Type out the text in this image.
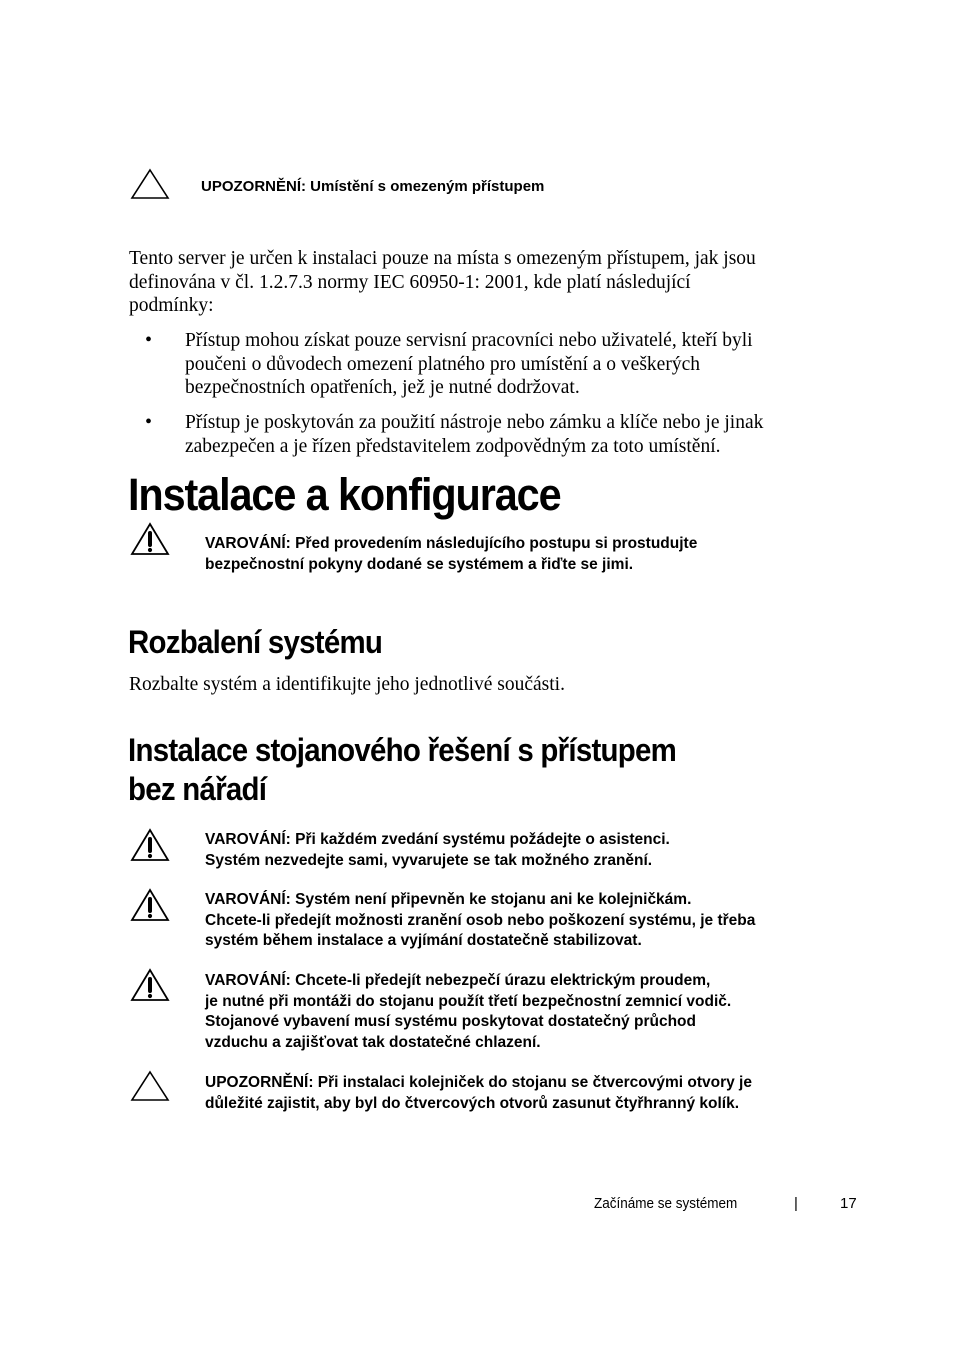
UPOZORNĚNÍ: Umístění s omezeným přístupem
Tento server je určen k instalaci pouze na místa s omezeným přístupem, jak jsou
definována v čl. 1.2.7.3 normy IEC 60950-1: 2001, kde platí následující
podmínky:
• Přístup mohou získat pouze servisní pracovníci nebo uživatelé, kteří byli
poučeni o důvodech omezení platného pro umístění a o veškerých
bezpečnostních opatřeních, jež je nutné dodržovat.
• Přístup je poskytován za použití nástroje nebo zámku a klíče nebo je jinak
zabezpečen a je řízen představitelem zodpovědným za toto umístění.
Instalace a konfigurace
VAROVÁNÍ: Před provedením následujícího postupu si prostudujte
bezpečnostní pokyny dodané se systémem a řiďte se jimi.
Rozbalení systému
Rozbalte systém a identifikujte jeho jednotlivé součásti.
Instalace stojanového řešení s přístupem
bez nářadí
VAROVÁNÍ: Při každém zvedání systému požádejte o asistenci.
Systém nezvedejte sami, vyvarujete se tak možného zranění.
VAROVÁNÍ: Systém není připevněn ke stojanu ani ke kolejničkám.
Chcete-li předejít možnosti zranění osob nebo poškození systému, je třeba
systém během instalace a vyjímání dostatečně stabilizovat.
VAROVÁNÍ: Chcete-li předejít nebezpečí úrazu elektrickým proudem,
je nutné při montáži do stojanu použít třetí bezpečnostní zemnicí vodič.
Stojanové vybavení musí systému poskytovat dostatečný průchod
vzduchu a zajišťovat tak dostatečné chlazení.
UPOZORNĚNÍ: Při instalaci kolejniček do stojanu se čtvercovými otvory je
důležité zajistit, aby byl do čtvercových otvorů zasunut čtyřhranný kolík.
Začínáme se systémem	|	17
